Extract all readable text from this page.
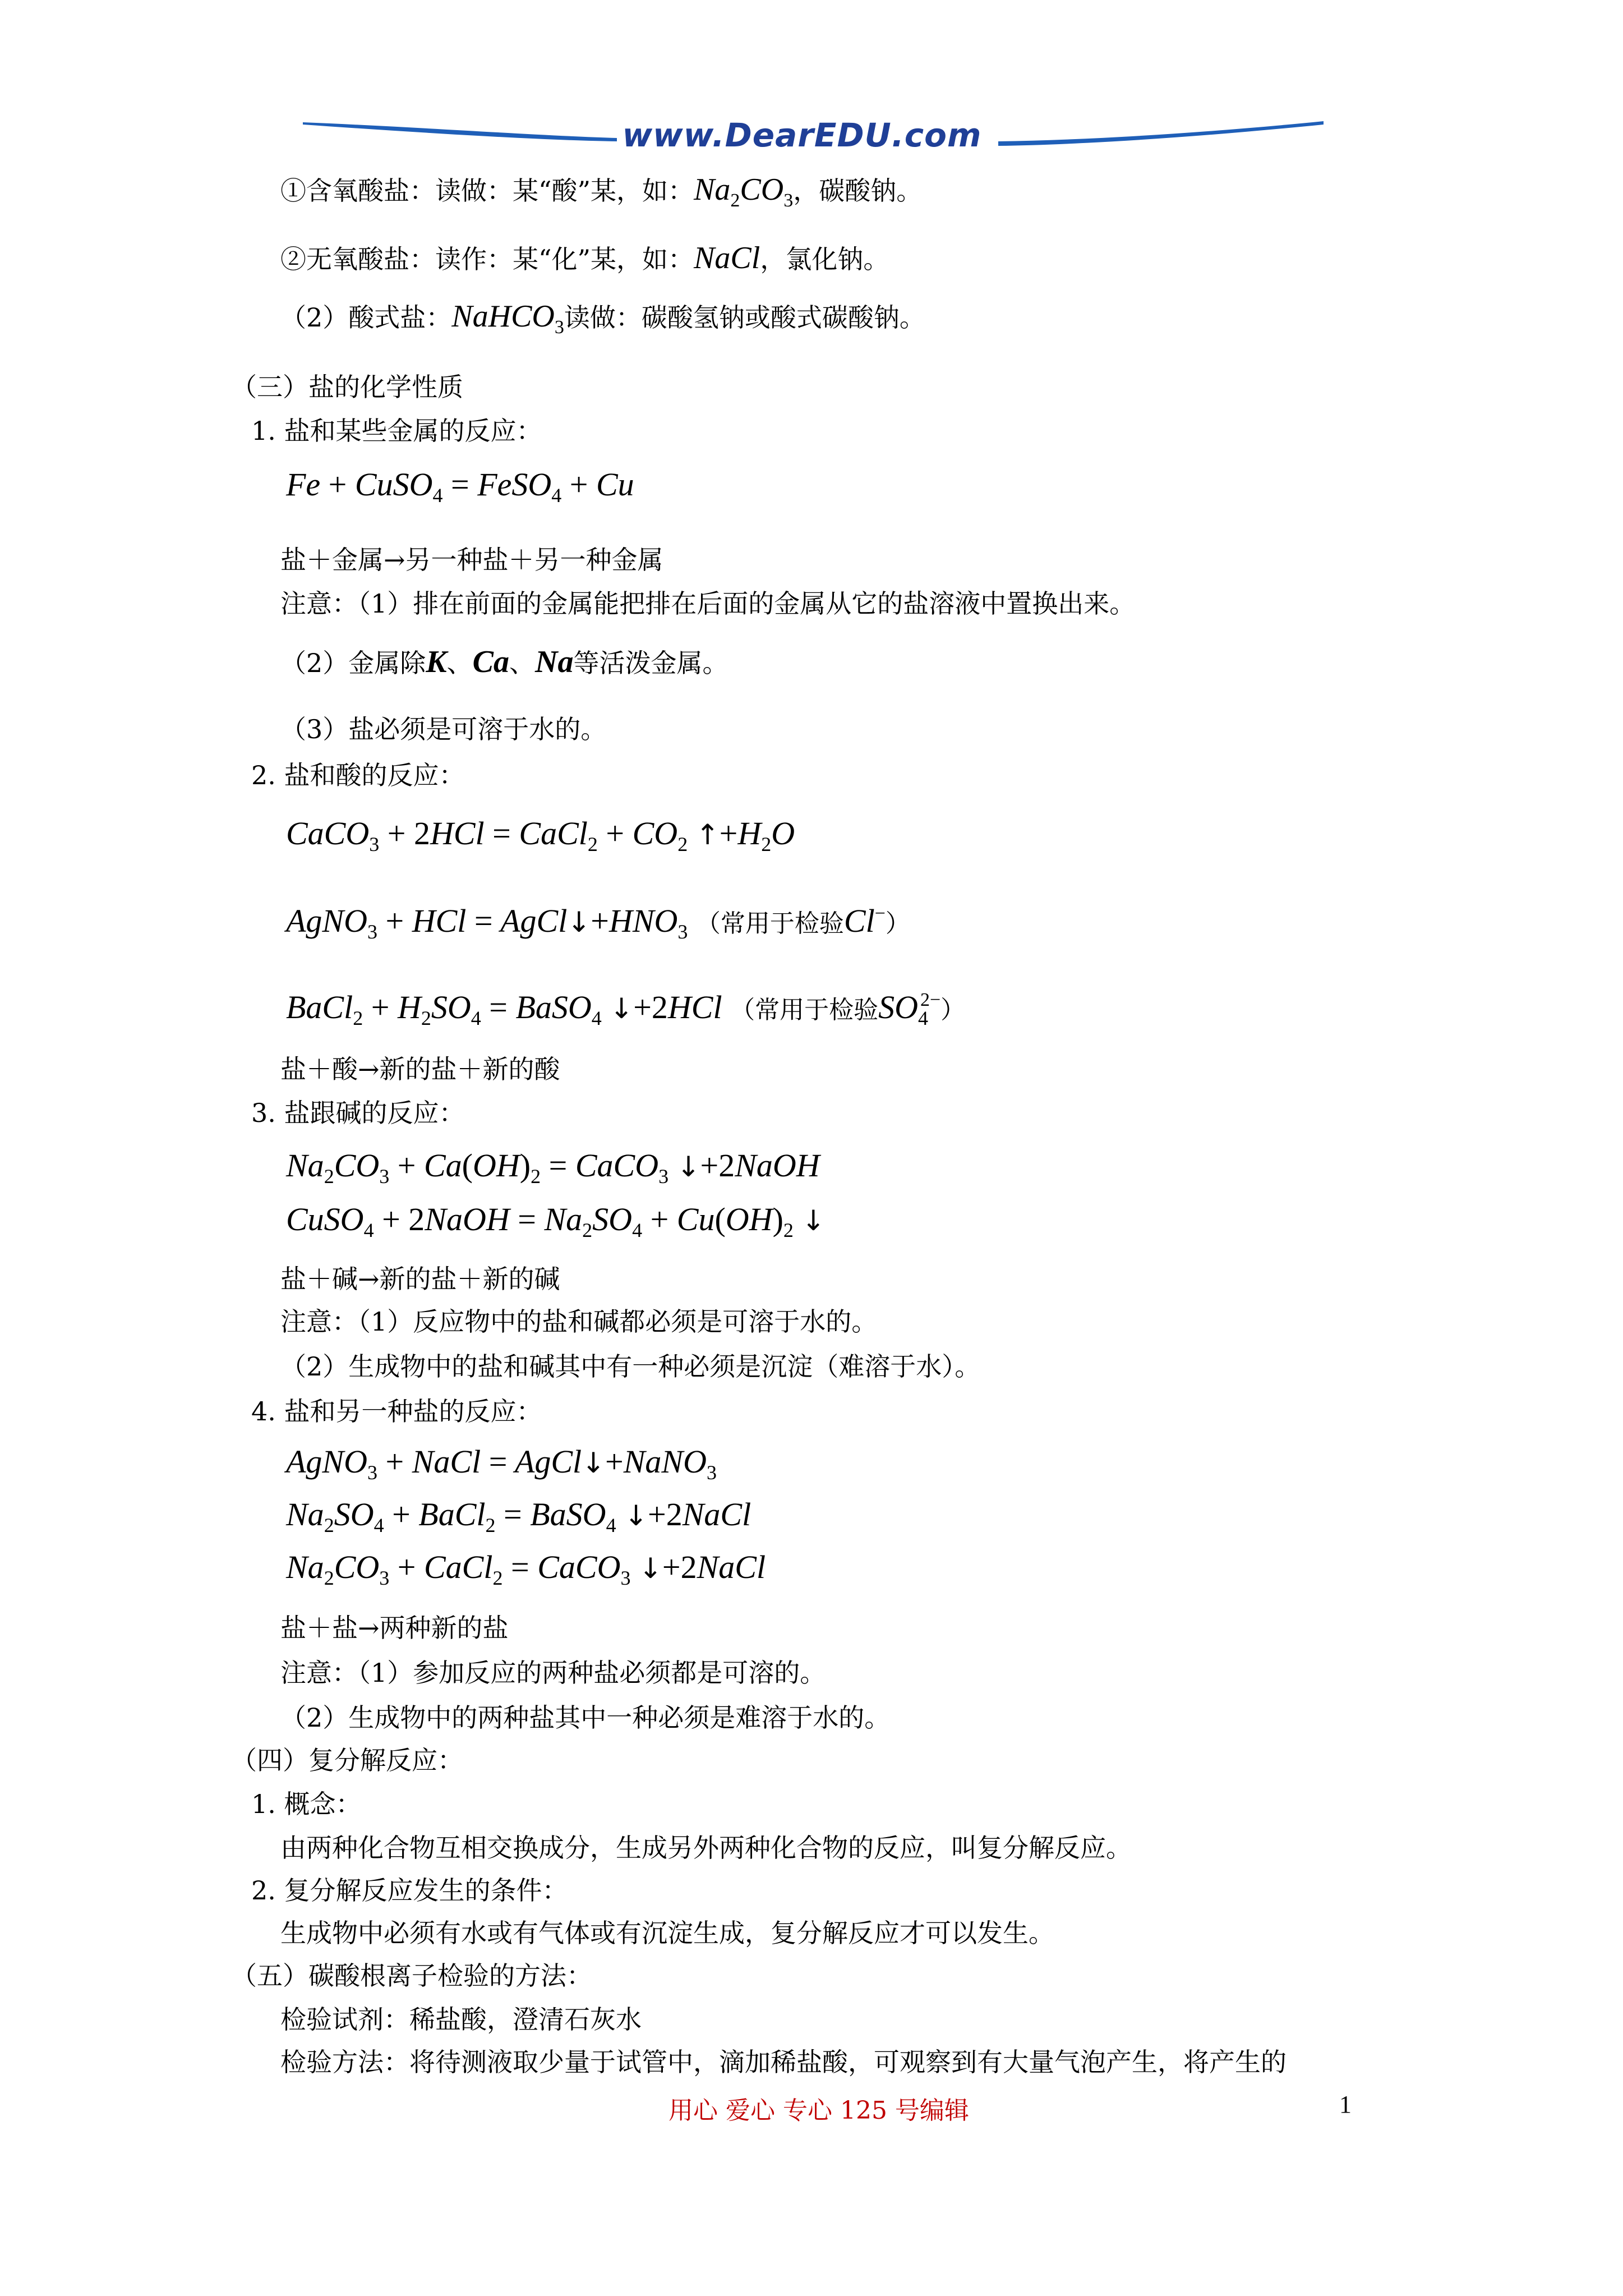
www.DearEDU.com
①含氧酸盐：读做：某“酸”某，如：$Na_2CO_3$，碳酸钠。
②无氧酸盐：读作：某“化”某，如：NaCl，氯化钠。
（2）酸式盐：NaHCO$_3$读做：碳酸氢钠或酸式碳酸钠。
（三）盐的化学性质
1. 盐和某些金属的反应：
Fe + CuSO$_4$ = FeSO$_4$ + Cu
盐＋金属→另一种盐＋另一种金属
注意：（1）排在前面的金属能把排在后面的金属从它的盐溶液中置换出来。
（2）金属除K、Ca、Na等活泼金属。
（3）盐必须是可溶于水的。
2. 盐和酸的反应：
CaCO$_3$ + 2HCl = CaCl$_2$ + $CO_2$ $↑+H_2O$
AgNO$_3$ + HCl = $AgCl↓+HNO_3$ （常用于检验Cl−）
BaCl$_2$ + $H_2SO_4$ = BaSO$_4$ ↓+2HCl （常用于检验$SO_4^{2-}$）
盐＋酸→新的盐＋新的酸
3. 盐跟碱的反应：
$Na_2CO_3 + Ca(OH)_2$ = CaCO$_3$ ↓+2NaOH
CuSO$_4$ + 2NaOH = $Na_2SO_4 + Cu(OH)_2$ ↓
盐＋碱→新的盐＋新的碱
注意：（1）反应物中的盐和碱都必须是可溶于水的。
（2）生成物中的盐和碱其中有一种必须是沉淀（难溶于水）。
4. 盐和另一种盐的反应：
AgNO$_3$ + NaCl = AgCl↓+NaNO$_3$
$Na_2SO_4$ + BaCl$_2$ = BaSO$_4$ ↓+2NaCl
$Na_2CO_3$ + CaCl$_2$ = CaCO$_3$ ↓+2NaCl
盐＋盐→两种新的盐
注意：（1）参加反应的两种盐必须都是可溶的。
（2）生成物中的两种盐其中一种必须是难溶于水的。
（四）复分解反应：
1. 概念：
由两种化合物互相交换成分，生成另外两种化合物的反应，叫复分解反应。
2. 复分解反应发生的条件：
生成物中必须有水或有气体或有沉淀生成，复分解反应才可以发生。
（五）碳酸根离子检验的方法：
检验试剂：稀盐酸，澄清石灰水
检验方法：将待测液取少量于试管中，滴加稀盐酸，可观察到有大量气泡产生，将产生的
用心 爱心 专心 125 号编辑	1
